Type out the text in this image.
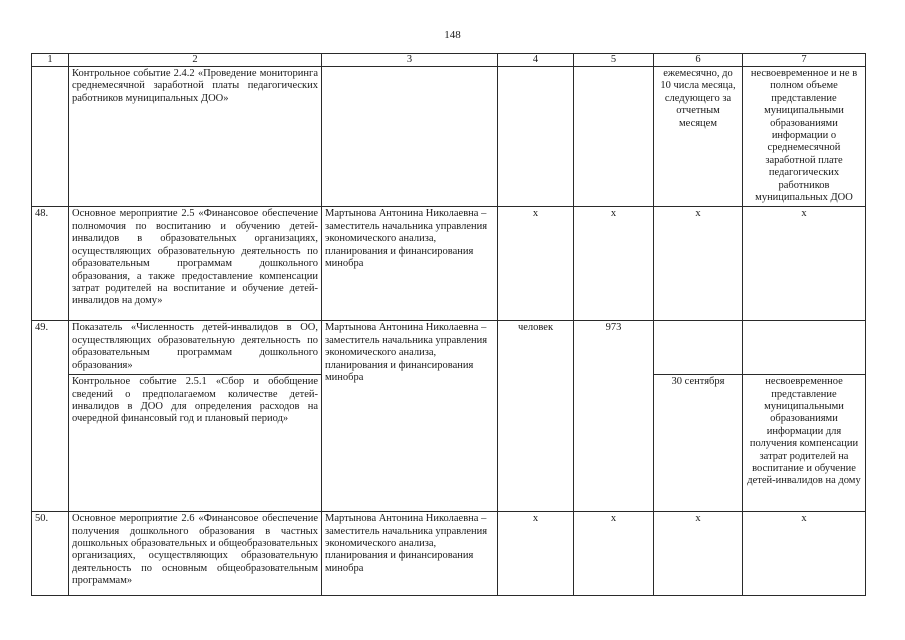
148
1	2	3	4	5	6	7
	Контрольное событие 2.4.2 «Проведение мониторинга среднемесячной заработной платы педагогических работников муниципальных ДОО»				ежемесячно, до 10 числа месяца, следующего за отчетным месяцем	несвоевременное и не в полном объеме представление муниципальными образованиями информации о среднемесячной заработной плате педагогических работников муниципальных ДОО
48.	Основное мероприятие 2.5 «Финансовое обеспечение полномочия по воспитанию и обучению детей-инвалидов в образовательных организациях, осуществляющих образовательную деятельность по образовательным программам дошкольного образования, а также предоставление компенсации затрат родителей на воспитание и обучение детей-инвалидов на дому»	Мартынова Антонина Николаевна – заместитель начальника управления экономического анализа, планирования и финансирования минобра	х	х	х	х
49.	Показатель «Численность детей-инвалидов в ОО, осуществляющих образовательную деятельность по образовательным программам дошкольного образования»	Мартынова Антонина Николаевна – заместитель начальника управления экономического анализа, планирования и финансирования минобра	человек	973		
	Контрольное событие 2.5.1 «Сбор и обобщение сведений о предполагаемом количестве детей-инвалидов в ДОО для определения расходов на очередной финансовый год и плановый период»				30 сентября	несвоевременное представление муниципальными образованиями информации для получения компенсации затрат родителей на воспитание и обучение детей-инвалидов на дому
50.	Основное мероприятие 2.6 «Финансовое обеспечение получения дошкольного образования в частных дошкольных образовательных и общеобразовательных организациях, осуществляющих образовательную деятельность по основным общеобразовательным программам»	Мартынова Антонина Николаевна – заместитель начальника управления экономического анализа, планирования и финансирования минобра	х	х	х	х
